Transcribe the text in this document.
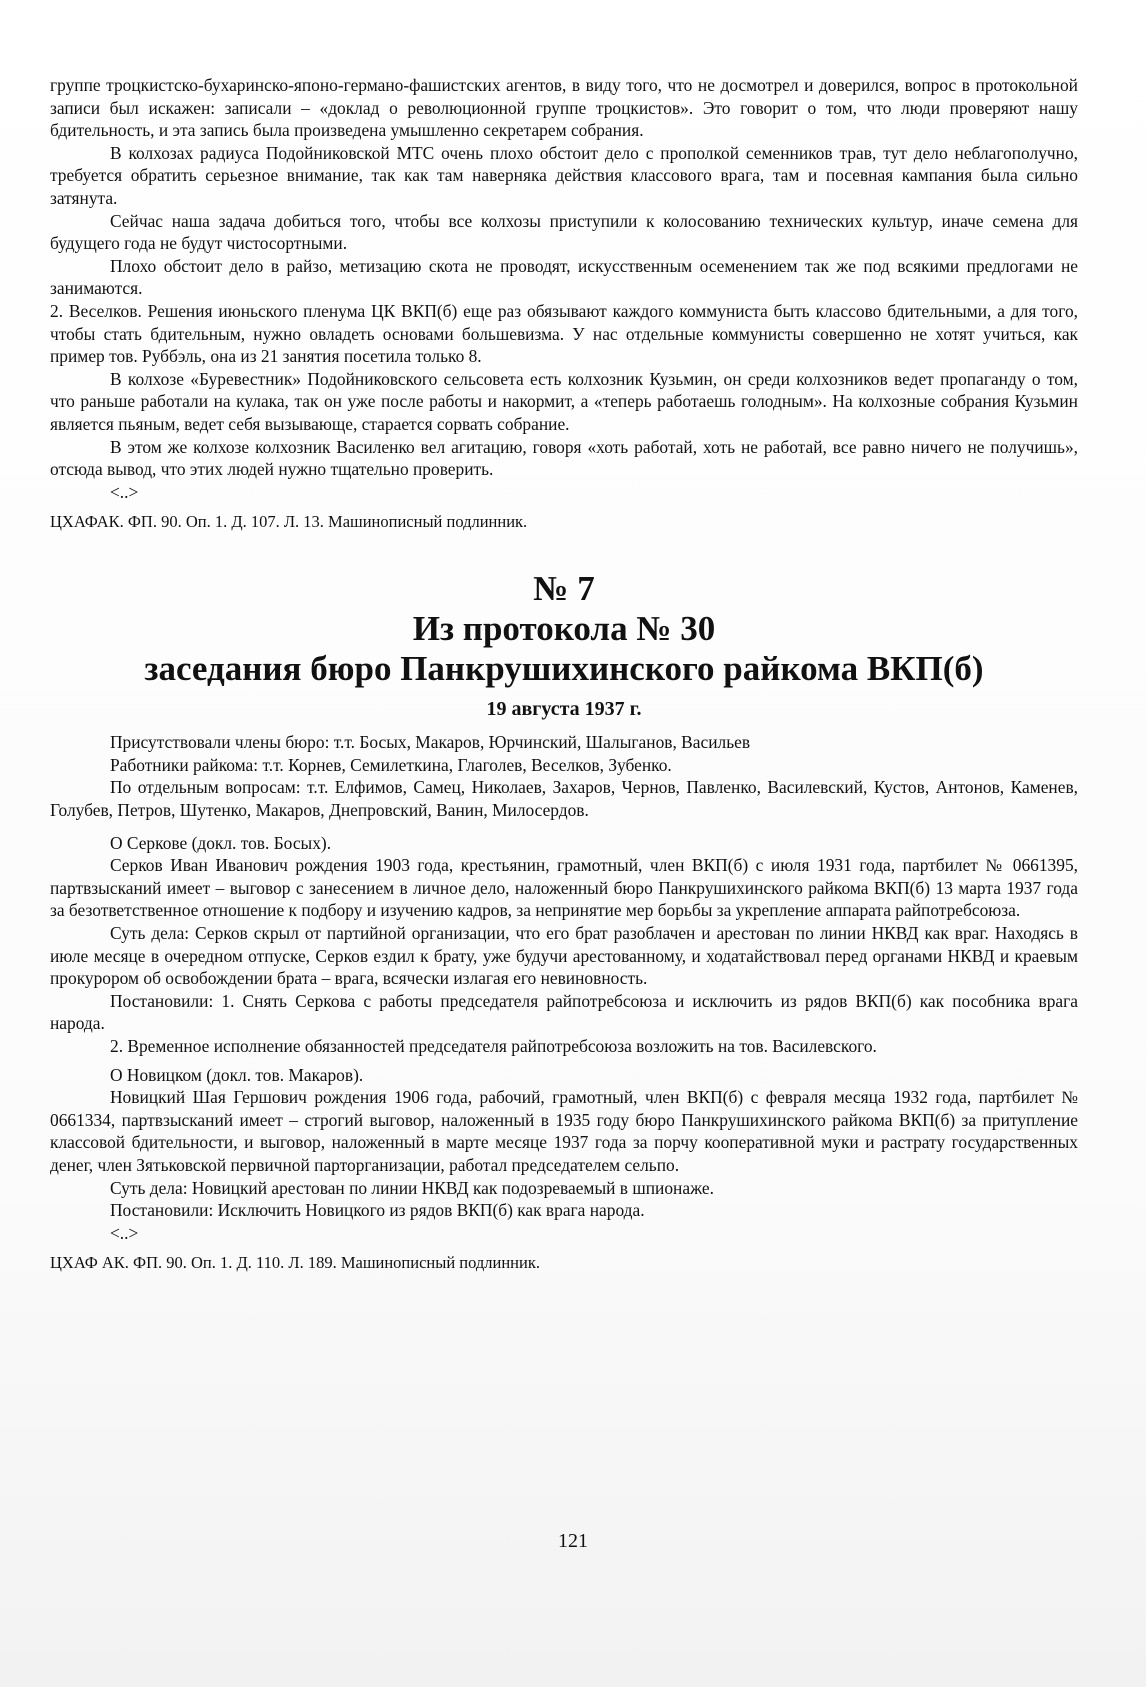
группе троцкистско-бухаринско-японо-германо-фашистских агентов, в виду того, что не досмотрел и доверился, вопрос в протокольной записи был искажен: записали – «доклад о революционной группе троцкистов». Это говорит о том, что люди проверяют нашу бдительность, и эта запись была произведена умышленно секретарем собрания.

В колхозах радиуса Подойниковской МТС очень плохо обстоит дело с прополкой семенников трав, тут дело неблагополучно, требуется обратить серьезное внимание, так как там наверняка действия классового врага, там и посевная кампания была сильно затянута.

Сейчас наша задача добиться того, чтобы все колхозы приступили к колосованию технических культур, иначе семена для будущего года не будут чистосортными.

Плохо обстоит дело в райзо, метизацию скота не проводят, искусственным осеменением так же под всякими предлогами не занимаются.

2. Веселков. Решения июньского пленума ЦК ВКП(б) еще раз обязывают каждого коммуниста быть классово бдительными, а для того, чтобы стать бдительным, нужно овладеть основами большевизма. У нас отдельные коммунисты совершенно не хотят учиться, как пример тов. Руббэль, она из 21 занятия посетила только 8.

В колхозе «Буревестник» Подойниковского сельсовета есть колхозник Кузьмин, он среди колхозников ведет пропаганду о том, что раньше работали на кулака, так он уже после работы и накормит, а «теперь работаешь голодным». На колхозные собрания Кузьмин является пьяным, ведет себя вызывающе, старается сорвать собрание.

В этом же колхозе колхозник Василенко вел агитацию, говоря «хоть работай, хоть не работай, все равно ничего не получишь», отсюда вывод, что этих людей нужно тщательно проверить.

<..>

ЦХАФАК. ФП. 90. Оп. 1. Д. 107. Л. 13. Машинописный подлинник.

№ 7

Из протокола № 30

заседания бюро Панкрушихинского райкома ВКП(б)

19 августа 1937 г.

Присутствовали члены бюро: т.т. Босых, Макаров, Юрчинский, Шалыганов, Васильев

Работники райкома: т.т. Корнев, Семилеткина, Глаголев, Веселков, Зубенко.

По отдельным вопросам: т.т. Елфимов, Самец, Николаев, Захаров, Чернов, Павленко, Василевский, Кустов, Антонов, Каменев, Голубев, Петров, Шутенко, Макаров, Днепровский, Ванин, Милосердов.

О Серкове (докл. тов. Босых).

Серков Иван Иванович рождения 1903 года, крестьянин, грамотный, член ВКП(б) с июля 1931 года, партбилет № 0661395, партвзысканий имеет – выговор с занесением в личное дело, наложенный бюро Панкрушихинского райкома ВКП(б) 13 марта 1937 года за безответственное отношение к подбору и изучению кадров, за непринятие мер борьбы за укрепление аппарата райпотребсоюза.

Суть дела: Серков скрыл от партийной организации, что его брат разоблачен и арестован по линии НКВД как враг. Находясь в июле месяце в очередном отпуске, Серков ездил к брату, уже будучи арестованному, и ходатайствовал перед органами НКВД и краевым прокурором об освобождении брата – врага, всячески излагая его невиновность.

Постановили: 1. Снять Серкова с работы председателя райпотребсоюза и исключить из рядов ВКП(б) как пособника врага народа.

2. Временное исполнение обязанностей председателя райпотребсоюза возложить на тов. Василевского.

О Новицком (докл. тов. Макаров).

Новицкий Шая Гершович рождения 1906 года, рабочий, грамотный, член ВКП(б) с февраля месяца 1932 года, партбилет № 0661334, партвзысканий имеет – строгий выговор, наложенный в 1935 году бюро Панкрушихинского райкома ВКП(б) за притупление классовой бдительности, и выговор, наложенный в марте месяце 1937 года за порчу кооперативной муки и растрату государственных денег, член Зятьковской первичной парторганизации, работал председателем сельпо.

Суть дела: Новицкий арестован по линии НКВД как подозреваемый в шпионаже.

Постановили: Исключить Новицкого из рядов ВКП(б) как врага народа.

<..>

ЦХАФ АК. ФП. 90. Оп. 1. Д. 110. Л. 189. Машинописный подлинник.

121
